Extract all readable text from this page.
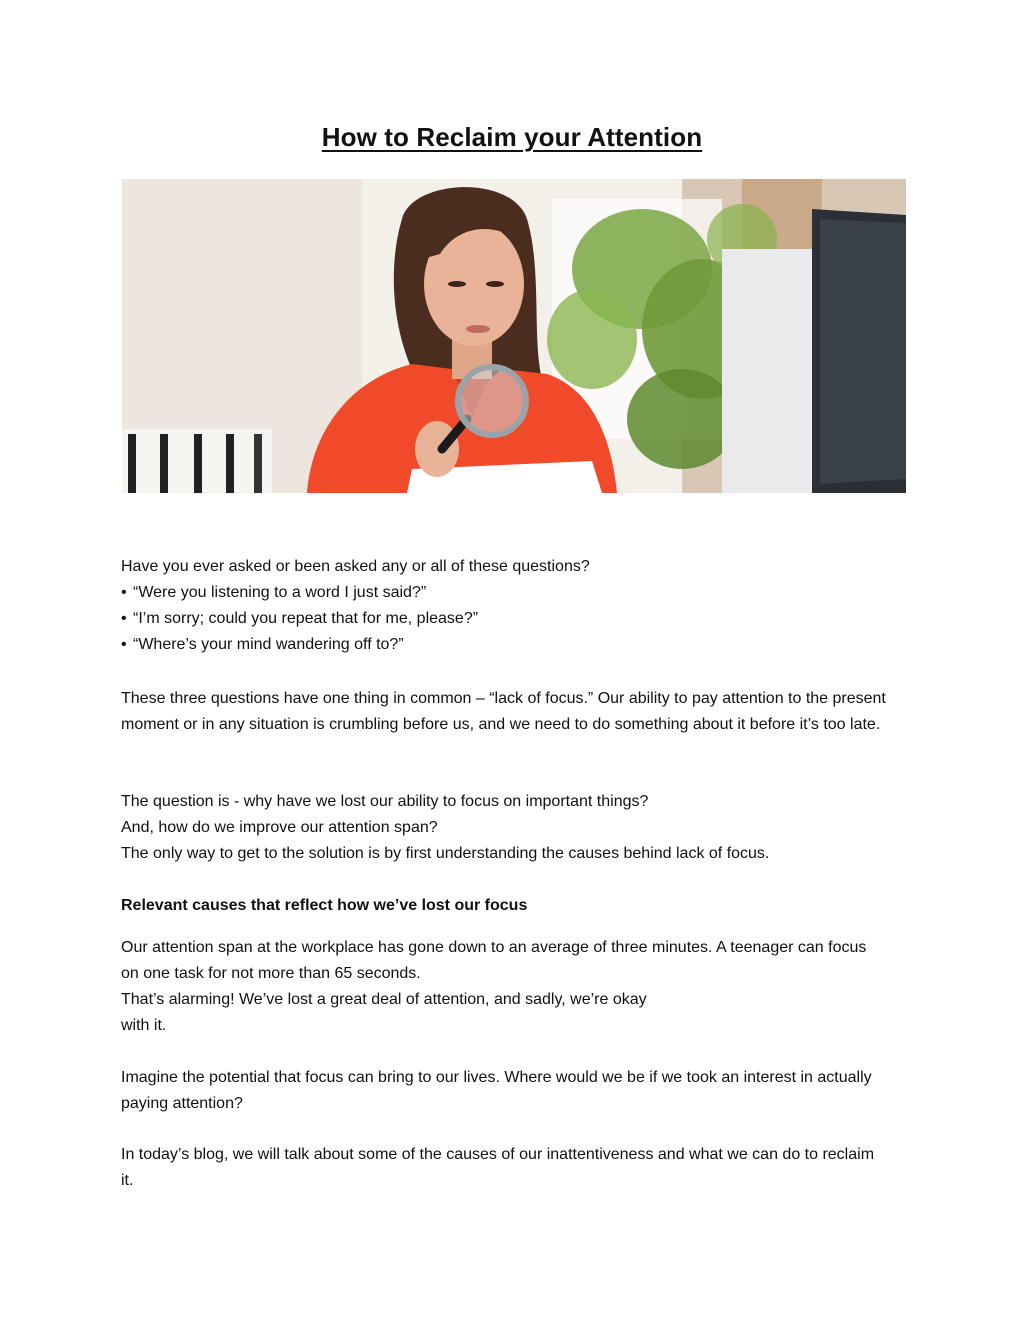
How to Reclaim your Attention

Have you ever asked or been asked any or all of these questions?

• “Were you listening to a word I just said?”
• “I’m sorry; could you repeat that for me, please?”
• “Where’s your mind wandering off to?”

These three questions have one thing in common – “lack of focus.” Our ability to pay attention to the present moment or in any situation is crumbling before us, and we need to do something about it before it’s too late.

The question is - why have we lost our ability to focus on important things?

And, how do we improve our attention span?

The only way to get to the solution is by first understanding the causes behind lack of focus.

Relevant causes that reflect how we’ve lost our focus

Our attention span at the workplace has gone down to an average of three minutes. A teenager can focus on one task for not more than 65 seconds.

That’s alarming! We’ve lost a great deal of attention, and sadly, we’re okay

with it.

Imagine the potential that focus can bring to our lives. Where would we be if we took an interest in actually paying attention?

In today’s blog, we will talk about some of the causes of our inattentiveness and what we can do to reclaim it.
